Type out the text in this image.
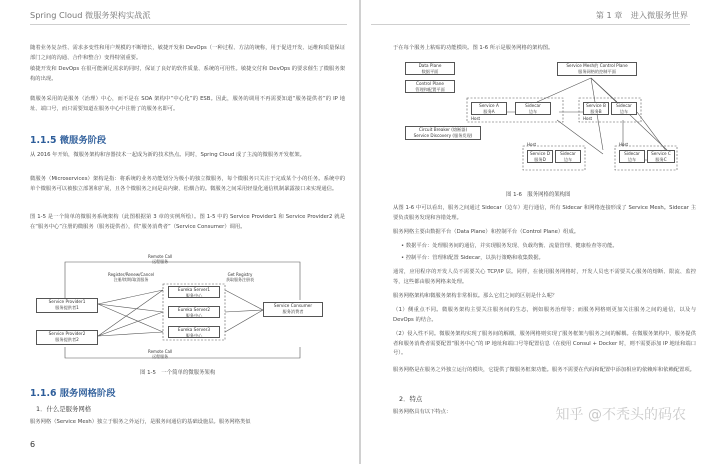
Spring Cloud 微服务架构实战派
随着业务复杂性、需求多变性和用户规模的不断增长，敏捷开发和 DevOps（一种过程、方法的统称，用于促进开发、运维和质量保证部门之间的沟通、合作和整合）变得特别重要。
敏捷开发和 DevOps 在很可能满足需求的同时，保证了良好的软件质量、系统的可用性。敏捷交付和 DevOps 的要求催生了微服务架构的出现。
微服务采用的是服务（治理）中心，而不是在 SOA 架构中“中心化”的 ESB。因此，服务的调用不再需要知道“服务提供者”的 IP 地址、端口号，而只需要知道在服务中心中注册了的服务名即可。
1.1.5 微服务阶段
从 2016 年开始，微服务架构和容器技术一起成为新的技术热点。同时，Spring Cloud 成了主流的微服务开发框架。
微服务（Microservices）架构是指：将系统的业务功能划分为极小的独立微服务，每个微服务只关注于完成某个小的任务。系统中的单个微服务可以被独立部署和扩展，且各个微服务之间是高内聚、松耦合的。微服务之间采用轻量化通信机制暴露接口来实现通信。
图 1-5 是一个简单的微服务系统架构（此图根据第 3 章的实例所绘）。图 1-5 中的 Service Provider1 和 Service Provider2 就是在“服务中心”注册的微服务（服务提供者），供“服务消费者”（Service Consumer）调用。
Remote Call
远程服务
Register/Renew/Cancel
注册/续期/取消服务
Get Registry
获取服务注册表
Service Provider1
服务提供者1
Service Provider2
服务提供者2
Eureka Server1
服务中心
Eureka Server2
服务中心
Eureka Server3
服务中心
Service Consumer
服务消费者
Remote Call
远程服务
图 1-5　一个简单的微服务架构
1.1.6 服务网格阶段
1．什么是服务网格
服务网格（Service Mesh）独立于服务之外运行，是服务间通信的基础设施层。服务网格类似
6
第 1 章　进入微服务世界
于在每个服务上粘贴的功能模块。图 1-6 所示是服务网格的架构图。
Data Plane
数据平面
Control Plane
管理和配置平面
Service Mesh的 Control Plane
服务网格的控制平面
Service A
服务A
Sidecar
边车
Host
Service B
服务B
Sidecar
边车
Host
Circuit Breaker (熔断器)
Service Discovery (服务发现)
Service D
服务D
Sidecar
边车
Host
Sidecar
边车
Service C
服务C
Host
图 1-6　服务网格的架构图
从图 1-6 中可以看出，服务之间通过 Sidecar（边车）进行通信，所有 Sidecar 和网络连接形成了 Service Mesh。Sidecar 主要负责服务发现和容错处理。
服务网格主要由数据平台（Data Plane）和控制平台（Control Plane）组成。
• 数据平台：处理服务间的通信，并实现服务发现、负载均衡、流量管理、健康检查等功能。
• 控制平台：管理和配置 Sidecar，以执行策略和收集数据。
通常，应用程序的开发人员不需要关心 TCP/IP 层。同样，在使用服务网格时，开发人员也不需要关心服务的熔断、限流、监控等，这些都由服务网格来处理。
服务网格架构和微服务架构非常相似。那么它们之间的区别是什么呢？
（1）侧重点不同。微服务架构主要关注服务间的生态，例如服务治理等；而服务网格则更加关注服务之间的通信，以及与 DevOps 的结合。
（2）侵入性不同。微服务架构实现了服务间的解耦，服务网格则实现了服务框架与服务之间的解耦。在微服务架构中，服务提供者和服务消费者需要配置“服务中心”的 IP 地址和端口号等配置信息（在使用 Consul + Docker 时，则不需要添加 IP 地址和端口号）。
服务网格是在服务之外独立运行的模块，它提供了微服务框架功能。服务不需要在代码和配置中添加相应的依赖库和依赖配置项。
2．特点
服务网格具有以下特点：	知乎 @不秃头的码农
